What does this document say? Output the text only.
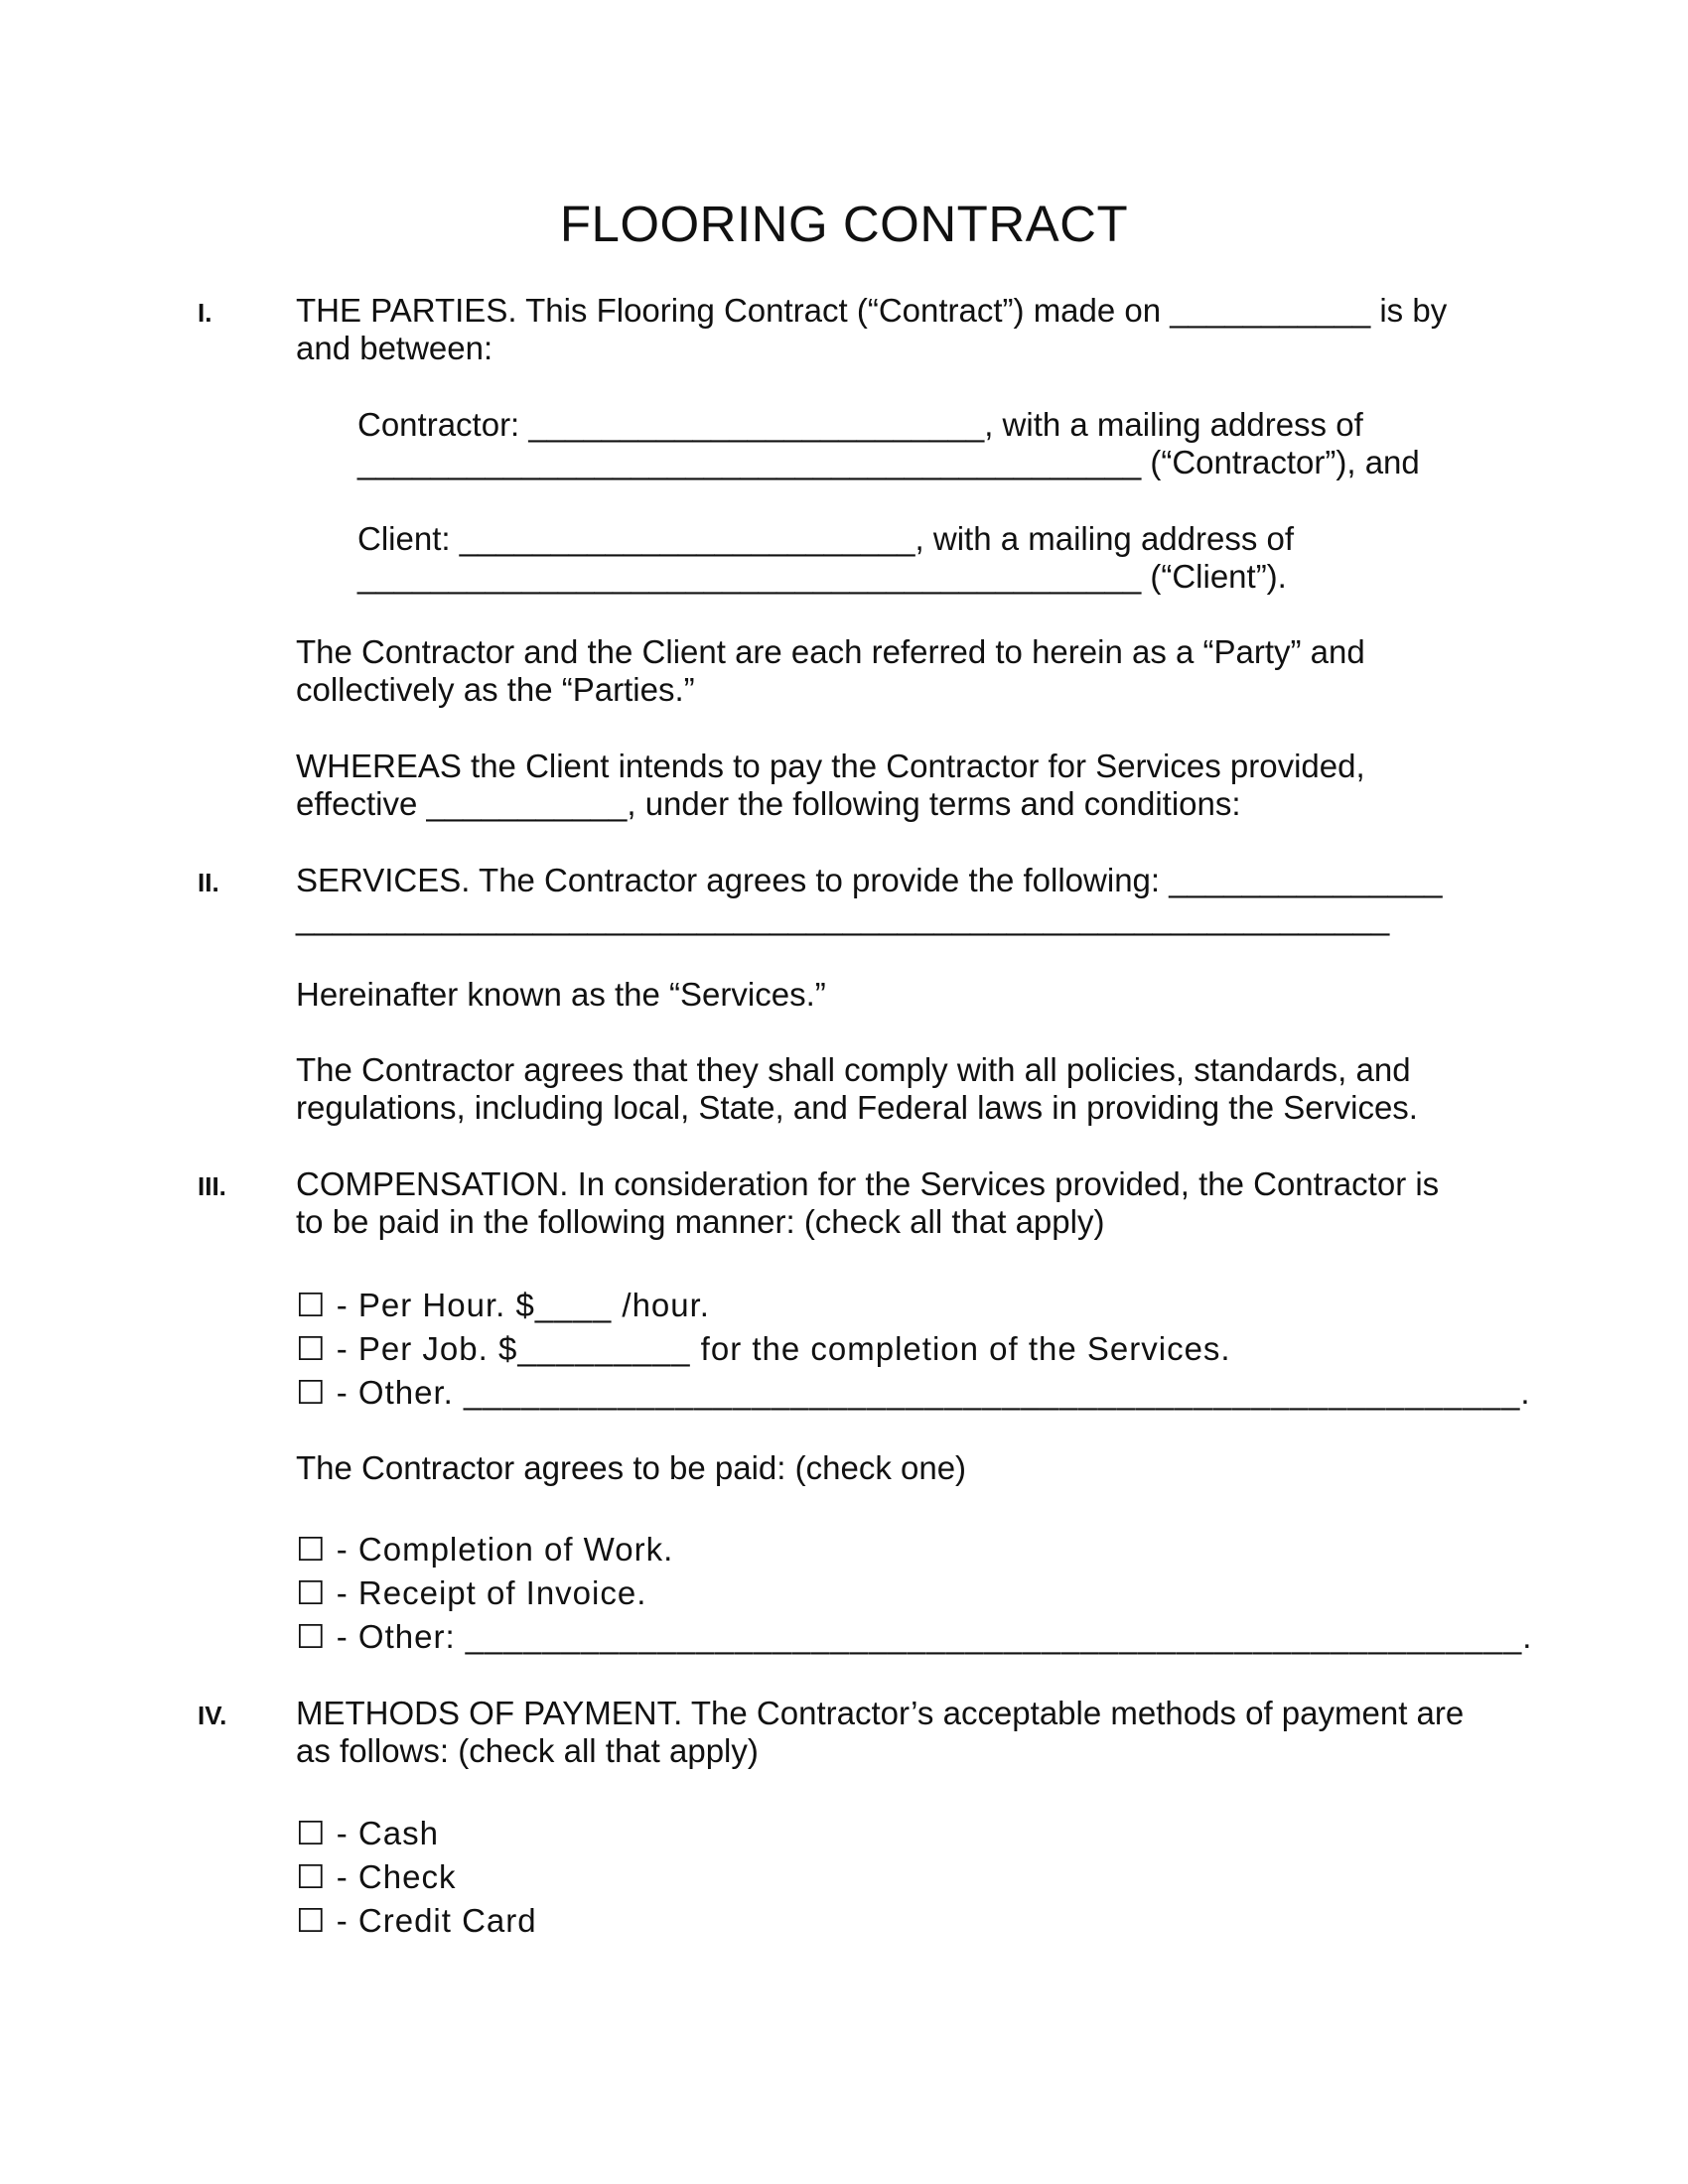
FLOORING CONTRACT
I.	THE PARTIES. This Flooring Contract (“Contract”) made on ___________ is by
and between:
Contractor: _________________________, with a mailing address of
___________________________________________ (“Contractor”), and
Client: _________________________, with a mailing address of
___________________________________________ (“Client”).
The Contractor and the Client are each referred to herein as a “Party” and
collectively as the “Parties.”
WHEREAS the Client intends to pay the Contractor for Services provided,
effective ___________, under the following terms and conditions:
II. SERVICES. The Contractor agrees to provide the following: _______________
____________________________________________________________
Hereinafter known as the “Services.”
The Contractor agrees that they shall comply with all policies, standards, and
regulations, including local, State, and Federal laws in providing the Services.
III. COMPENSATION. In consideration for the Services provided, the Contractor is
to be paid in the following manner: (check all that apply)
☐ - Per Hour. $____ /hour.
☐ - Per Job. $_________ for the completion of the Services.
☐ - Other. _______________________________________________________.
The Contractor agrees to be paid: (check one)
☐ - Completion of Work.
☐ - Receipt of Invoice.
☐ - Other: _______________________________________________________.
IV. METHODS OF PAYMENT. The Contractor’s acceptable methods of payment are
as follows: (check all that apply)
☐ - Cash
☐ - Check
☐ - Credit Card
